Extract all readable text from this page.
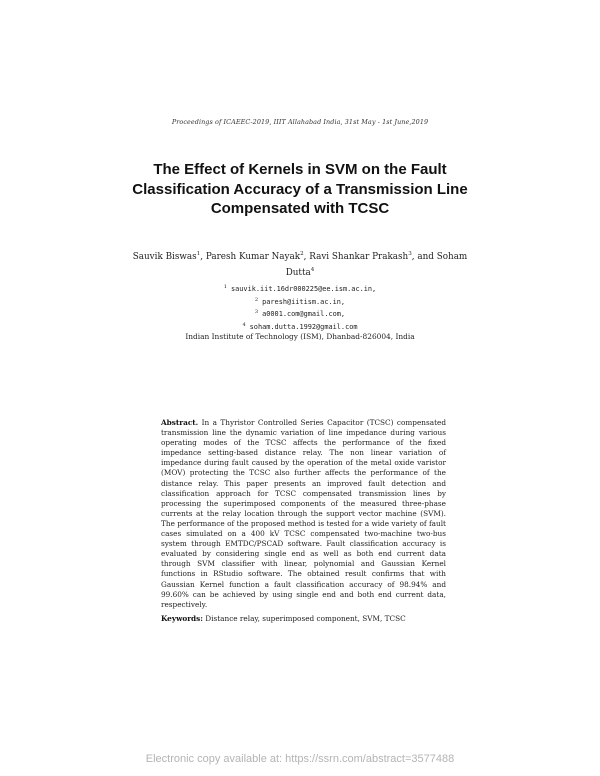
Proceedings of ICAEEC-2019, IIIT Allahabad India, 31st May - 1st June,2019
The Effect of Kernels in SVM on the Fault Classification Accuracy of a Transmission Line Compensated with TCSC
Sauvik Biswas$^1$, Paresh Kumar Nayak$^2$, Ravi Shankar Prakash$^3$, and Soham Dutta$^4$
$^1$ sauvik.iit.16dr000225@ee.ism.ac.in,
$^2$ paresh@iitism.ac.in,
$^3$ a0001.com@gmail.com,
$^4$ soham.dutta.1992@gmail.com
Indian Institute of Technology (ISM), Dhanbad-826004, India
Abstract. In a Thyristor Controlled Series Capacitor (TCSC) compensated transmission line the dynamic variation of line impedance during various operating modes of the TCSC affects the performance of the fixed impedance setting-based distance relay. The non linear variation of impedance during fault caused by the operation of the metal oxide varistor (MOV) protecting the TCSC also further affects the performance of the distance relay. This paper presents an improved fault detection and classification approach for TCSC compensated transmission lines by processing the superimposed components of the measured three-phase currents at the relay location through the support vector machine (SVM). The performance of the proposed method is tested for a wide variety of fault cases simulated on a 400 kV TCSC compensated two-machine two-bus system through EMTDC/PSCAD software. Fault classification accuracy is evaluated by considering single end as well as both end current data through SVM classifier with linear, polynomial and Gaussian Kernel functions in RStudio software. The obtained result confirms that with Gaussian Kernel function a fault classification accuracy of 98.94% and 99.60% can be achieved by using single end and both end current data, respectively.
Keywords: Distance relay, superimposed component, SVM, TCSC
Electronic copy available at: https://ssrn.com/abstract=3577488
